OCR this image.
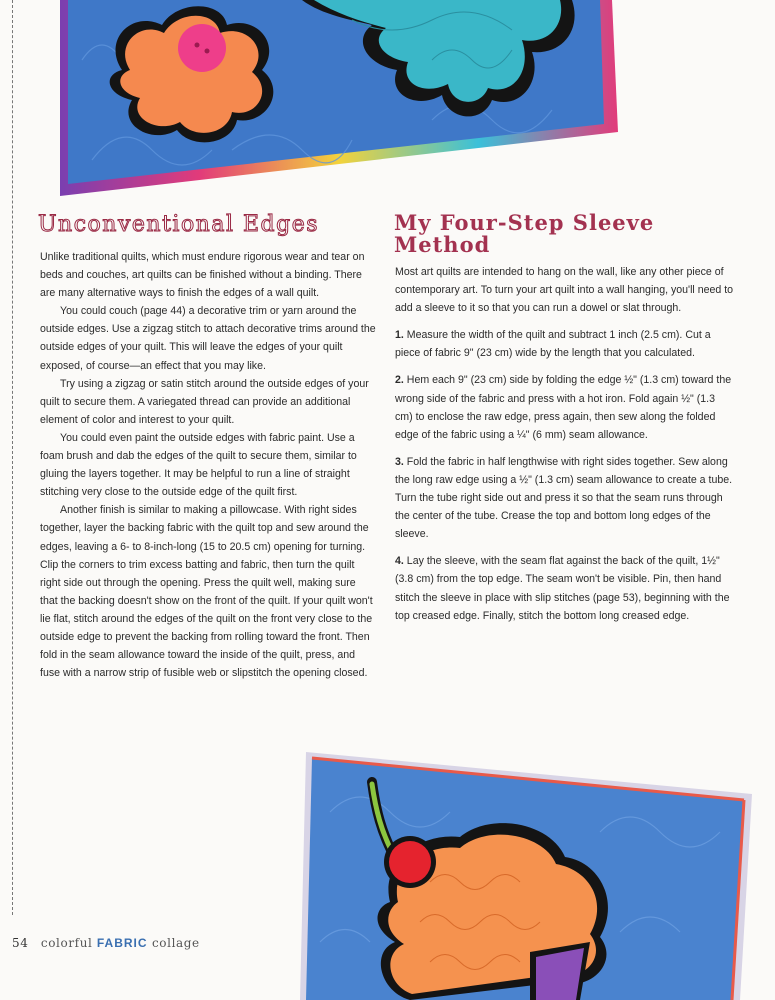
Unconventional Edges	My Four-Step Sleeve Method

Unlike traditional quilts, which must endure rigorous wear and tear on beds and couches, art quilts can be finished without a binding. There are many alternative ways to finish the edges of a wall quilt.

You could couch (page 44) a decorative trim or yarn around the outside edges. Use a zigzag stitch to attach decorative trims around the outside edges of your quilt. This will leave the edges of your quilt exposed, of course—an effect that you may like.

Try using a zigzag or satin stitch around the outside edges of your quilt to secure them. A variegated thread can provide an additional element of color and interest to your quilt.

You could even paint the outside edges with fabric paint. Use a foam brush and dab the edges of the quilt to secure them, similar to gluing the layers together. It may be helpful to run a line of straight stitching very close to the outside edge of the quilt first.

Another finish is similar to making a pillowcase. With right sides together, layer the backing fabric with the quilt top and sew around the edges, leaving a 6- to 8-inch-long (15 to 20.5 cm) opening for turning. Clip the corners to trim excess batting and fabric, then turn the quilt right side out through the opening. Press the quilt well, making sure that the backing doesn't show on the front of the quilt. If your quilt won't lie flat, stitch around the edges of the quilt on the front very close to the outside edge to prevent the backing from rolling toward the front. Then fold in the seam allowance toward the inside of the quilt, press, and fuse with a narrow strip of fusible web or slipstitch the opening closed.

Most art quilts are intended to hang on the wall, like any other piece of contemporary art. To turn your art quilt into a wall hanging, you'll need to add a sleeve to it so that you can run a dowel or slat through.

1. Measure the width of the quilt and subtract 1 inch (2.5 cm). Cut a piece of fabric 9" (23 cm) wide by the length that you calculated.

2. Hem each 9" (23 cm) side by folding the edge ½" (1.3 cm) toward the wrong side of the fabric and press with a hot iron. Fold again ½" (1.3 cm) to enclose the raw edge, press again, then sew along the folded edge of the fabric using a ¼" (6 mm) seam allowance.

3. Fold the fabric in half lengthwise with right sides together. Sew along the long raw edge using a ½" (1.3 cm) seam allowance to create a tube. Turn the tube right side out and press it so that the seam runs through the center of the tube. Crease the top and bottom long edges of the sleeve.

4. Lay the sleeve, with the seam flat against the back of the quilt, 1½" (3.8 cm) from the top edge. The seam won't be visible. Pin, then hand stitch the sleeve in place with slip stitches (page 53), beginning with the top creased edge. Finally, stitch the bottom long creased edge.

54 colorful FABRIC collage
